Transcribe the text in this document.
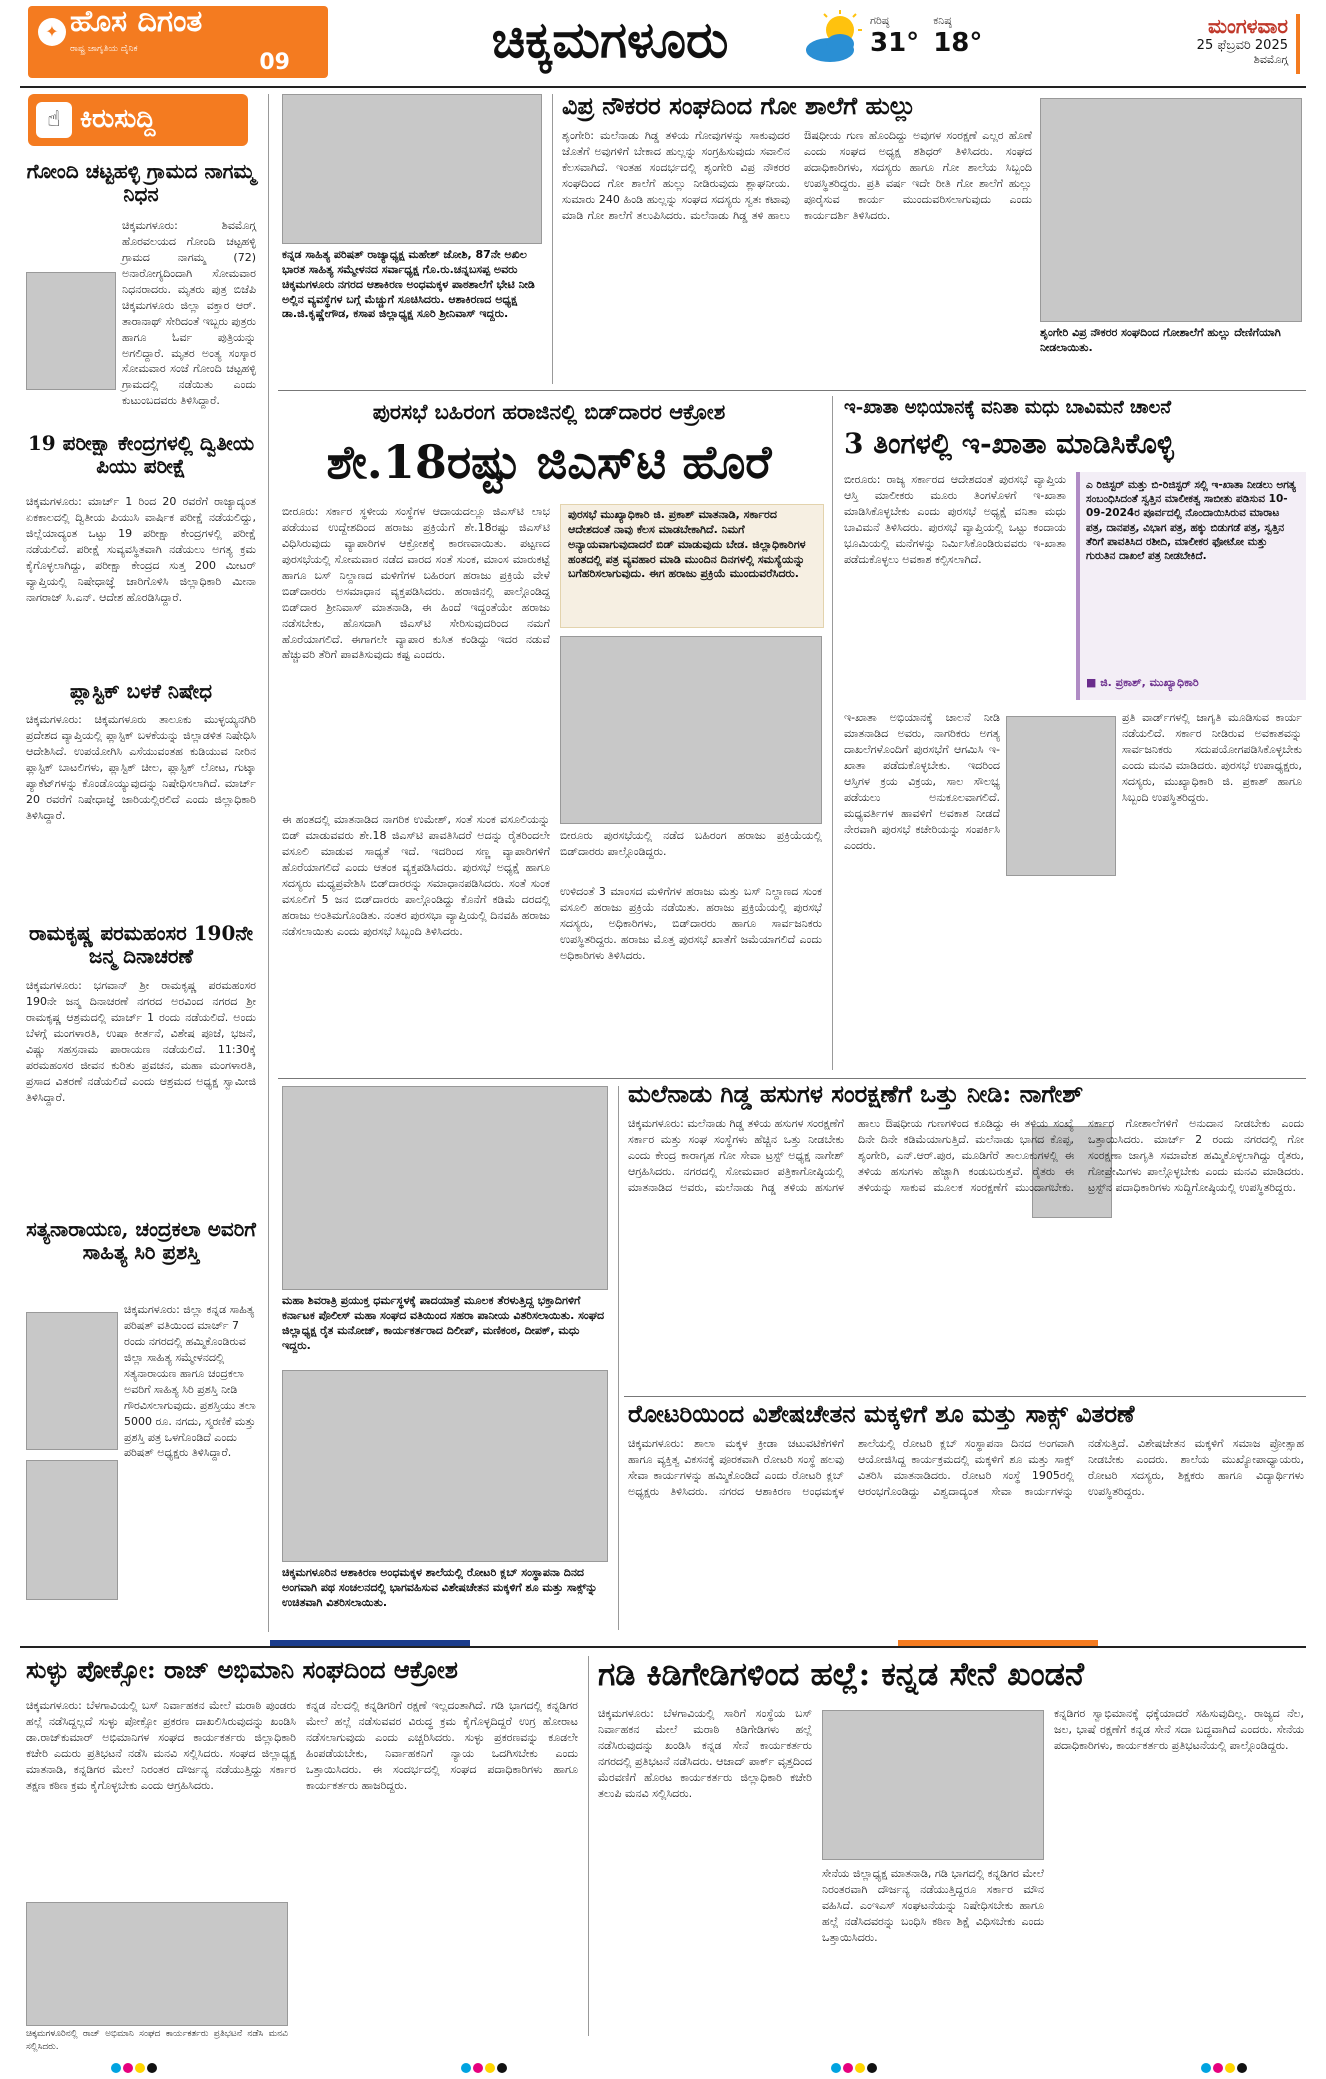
✦ ಹೊಸ ದಿಗಂತ
ರಾಷ್ಟ್ರ ಜಾಗೃತಿಯ ದೈನಿಕ
09	ಚಿಕ್ಕಮಗಳೂರು	ಗರಿಷ್ಠ
31°
ಕನಿಷ್ಠ
18°
ಮಂಗಳವಾರ
25 ಫೆಬ್ರವರಿ 2025
ಶಿವಮೊಗ್ಗ
☝ ಕಿರುಸುದ್ದಿ
ಗೋಂದಿ ಚಟ್ಟಹಳ್ಳಿ ಗ್ರಾಮದ ನಾಗಮ್ಮ ನಿಧನ
ಚಿಕ್ಕಮಗಳೂರು: ಶಿವಮೊಗ್ಗ ಹೊರವಲಯದ ಗೋಂದಿ ಚಟ್ಟಹಳ್ಳಿ ಗ್ರಾಮದ ನಾಗಮ್ಮ (72) ಅನಾರೋಗ್ಯದಿಂದಾಗಿ ಸೋಮವಾರ ನಿಧನರಾದರು. ಮೃತರು ಪುತ್ರ ಬಿಜೆಪಿ ಚಿಕ್ಕಮಗಳೂರು ಜಿಲ್ಲಾ ವಕ್ತಾರ ಆರ್. ತಾರಾನಾಥ್ ಸೇರಿದಂತೆ ಇಬ್ಬರು ಪುತ್ರರು ಹಾಗೂ ಓರ್ವ ಪುತ್ರಿಯನ್ನು ಅಗಲಿದ್ದಾರೆ. ಮೃತರ ಅಂತ್ಯ ಸಂಸ್ಕಾರ ಸೋಮವಾರ ಸಂಜೆ ಗೋಂದಿ ಚಟ್ಟಹಳ್ಳಿ ಗ್ರಾಮದಲ್ಲಿ ನಡೆಯಿತು ಎಂದು ಕುಟುಂಬದವರು ತಿಳಿಸಿದ್ದಾರೆ.
19 ಪರೀಕ್ಷಾ ಕೇಂದ್ರಗಳಲ್ಲಿ ದ್ವಿತೀಯ ಪಿಯು ಪರೀಕ್ಷೆ
ಚಿಕ್ಕಮಗಳೂರು: ಮಾರ್ಚ್ 1 ರಿಂದ 20 ರವರೆಗೆ ರಾಜ್ಯಾದ್ಯಂತ ಏಕಕಾಲದಲ್ಲಿ ದ್ವಿತೀಯ ಪಿಯುಸಿ ವಾರ್ಷಿಕ ಪರೀಕ್ಷೆ ನಡೆಯಲಿದ್ದು, ಜಿಲ್ಲೆಯಾದ್ಯಂತ ಒಟ್ಟು 19 ಪರೀಕ್ಷಾ ಕೇಂದ್ರಗಳಲ್ಲಿ ಪರೀಕ್ಷೆ ನಡೆಯಲಿದೆ. ಪರೀಕ್ಷೆ ಸುವ್ಯವಸ್ಥಿತವಾಗಿ ನಡೆಯಲು ಅಗತ್ಯ ಕ್ರಮ ಕೈಗೊಳ್ಳಲಾಗಿದ್ದು, ಪರೀಕ್ಷಾ ಕೇಂದ್ರದ ಸುತ್ತ 200 ಮೀಟರ್ ವ್ಯಾಪ್ತಿಯಲ್ಲಿ ನಿಷೇಧಾಜ್ಞೆ ಜಾರಿಗೊಳಿಸಿ ಜಿಲ್ಲಾಧಿಕಾರಿ ಮೀನಾ ನಾಗರಾಜ್ ಸಿ.ಎನ್. ಆದೇಶ ಹೊರಡಿಸಿದ್ದಾರೆ.
ಪ್ಲಾಸ್ಟಿಕ್ ಬಳಕೆ ನಿಷೇಧ
ಚಿಕ್ಕಮಗಳೂರು: ಚಿಕ್ಕಮಗಳೂರು ತಾಲೂಕು ಮುಳ್ಳಯ್ಯನಗಿರಿ ಪ್ರದೇಶದ ವ್ಯಾಪ್ತಿಯಲ್ಲಿ ಪ್ಲಾಸ್ಟಿಕ್ ಬಳಕೆಯನ್ನು ಜಿಲ್ಲಾಡಳಿತ ನಿಷೇಧಿಸಿ ಆದೇಶಿಸಿದೆ. ಉಪಯೋಗಿಸಿ ಎಸೆಯುವಂತಹ ಕುಡಿಯುವ ನೀರಿನ ಪ್ಲಾಸ್ಟಿಕ್ ಬಾಟಲಿಗಳು, ಪ್ಲಾಸ್ಟಿಕ್ ಚೀಲ, ಪ್ಲಾಸ್ಟಿಕ್ ಲೋಟ, ಗುಟ್ಕಾ ಪ್ಯಾಕೆಟ್‌ಗಳನ್ನು ಕೊಂಡೊಯ್ಯುವುದನ್ನು ನಿಷೇಧಿಸಲಾಗಿದೆ. ಮಾರ್ಚ್ 20 ರವರೆಗೆ ನಿಷೇಧಾಜ್ಞೆ ಜಾರಿಯಲ್ಲಿರಲಿದೆ ಎಂದು ಜಿಲ್ಲಾಧಿಕಾರಿ ತಿಳಿಸಿದ್ದಾರೆ.
ರಾಮಕೃಷ್ಣ ಪರಮಹಂಸರ 190ನೇ ಜನ್ಮ ದಿನಾಚರಣೆ
ಚಿಕ್ಕಮಗಳೂರು: ಭಗವಾನ್ ಶ್ರೀ ರಾಮಕೃಷ್ಣ ಪರಮಹಂಸರ 190ನೇ ಜನ್ಮ ದಿನಾಚರಣೆ ನಗರದ ಅರವಿಂದ ನಗರದ ಶ್ರೀ ರಾಮಕೃಷ್ಣ ಆಶ್ರಮದಲ್ಲಿ ಮಾರ್ಚ್ 1 ರಂದು ನಡೆಯಲಿದೆ. ಅಂದು ಬೆಳಗ್ಗೆ ಮಂಗಳಾರತಿ, ಉಷಾ ಕೀರ್ತನೆ, ವಿಶೇಷ ಪೂಜೆ, ಭಜನೆ, ವಿಷ್ಣು ಸಹಸ್ರನಾಮ ಪಾರಾಯಣ ನಡೆಯಲಿದೆ. 11:30ಕ್ಕೆ ಪರಮಹಂಸರ ಜೀವನ ಕುರಿತು ಪ್ರವಚನ, ಮಹಾ ಮಂಗಳಾರತಿ, ಪ್ರಸಾದ ವಿತರಣೆ ನಡೆಯಲಿದೆ ಎಂದು ಆಶ್ರಮದ ಅಧ್ಯಕ್ಷ ಸ್ವಾಮೀಜಿ ತಿಳಿಸಿದ್ದಾರೆ.
ಸತ್ಯನಾರಾಯಣ, ಚಂದ್ರಕಲಾ ಅವರಿಗೆ ಸಾಹಿತ್ಯ ಸಿರಿ ಪ್ರಶಸ್ತಿ
ಚಿಕ್ಕಮಗಳೂರು: ಜಿಲ್ಲಾ ಕನ್ನಡ ಸಾಹಿತ್ಯ ಪರಿಷತ್ ವತಿಯಿಂದ ಮಾರ್ಚ್ 7 ರಂದು ನಗರದಲ್ಲಿ ಹಮ್ಮಿಕೊಂಡಿರುವ ಜಿಲ್ಲಾ ಸಾಹಿತ್ಯ ಸಮ್ಮೇಳನದಲ್ಲಿ ಸತ್ಯನಾರಾಯಣ ಹಾಗೂ ಚಂದ್ರಕಲಾ ಅವರಿಗೆ ಸಾಹಿತ್ಯ ಸಿರಿ ಪ್ರಶಸ್ತಿ ನೀಡಿ ಗೌರವಿಸಲಾಗುವುದು. ಪ್ರಶಸ್ತಿಯು ತಲಾ 5000 ರೂ. ನಗದು, ಸ್ಮರಣಿಕೆ ಮತ್ತು ಪ್ರಶಸ್ತಿ ಪತ್ರ ಒಳಗೊಂಡಿದೆ ಎಂದು ಪರಿಷತ್ ಅಧ್ಯಕ್ಷರು ತಿಳಿಸಿದ್ದಾರೆ.
ಕನ್ನಡ ಸಾಹಿತ್ಯ ಪರಿಷತ್ ರಾಜ್ಯಾಧ್ಯಕ್ಷ ಮಹೇಶ್ ಜೋಶಿ, 87ನೇ ಅಖಿಲ ಭಾರತ ಸಾಹಿತ್ಯ ಸಮ್ಮೇಳನದ ಸರ್ವಾಧ್ಯಕ್ಷ ಗೊ.ರು.ಚನ್ನಬಸಪ್ಪ ಅವರು ಚಿಕ್ಕಮಗಳೂರು ನಗರದ ಆಶಾಕಿರಣ ಅಂಧಮಕ್ಕಳ ಪಾಠಶಾಲೆಗೆ ಭೇಟಿ ನೀಡಿ ಅಲ್ಲಿನ ವ್ಯವಸ್ಥೆಗಳ ಬಗ್ಗೆ ಮೆಚ್ಚುಗೆ ಸೂಚಿಸಿದರು. ಆಶಾಕಿರಣದ ಅಧ್ಯಕ್ಷ ಡಾ.ಜಿ.ಕೃಷ್ಣೇಗೌಡ, ಕಸಾಪ ಜಿಲ್ಲಾಧ್ಯಕ್ಷ ಸೂರಿ ಶ್ರೀನಿವಾಸ್ ಇದ್ದರು.
ವಿಪ್ರ ನೌಕರರ ಸಂಘದಿಂದ ಗೋ ಶಾಲೆಗೆ ಹುಲ್ಲು
ಶೃಂಗೇರಿ: ಮಲೆನಾಡು ಗಿಡ್ಡ ತಳಿಯ ಗೋವುಗಳನ್ನು ಸಾಕುವುದರ ಜೊತೆಗೆ ಅವುಗಳಿಗೆ ಬೇಕಾದ ಹುಲ್ಲನ್ನು ಸಂಗ್ರಹಿಸುವುದು ಸವಾಲಿನ ಕೆಲಸವಾಗಿದೆ. ಇಂತಹ ಸಂದರ್ಭದಲ್ಲಿ ಶೃಂಗೇರಿ ವಿಪ್ರ ನೌಕರರ ಸಂಘದಿಂದ ಗೋ ಶಾಲೆಗೆ ಹುಲ್ಲು ನೀಡಿರುವುದು ಶ್ಲಾಘನೀಯ. ಸುಮಾರು 240 ಹಿಂಡಿ ಹುಲ್ಲನ್ನು ಸಂಘದ ಸದಸ್ಯರು ಸ್ವತಃ ಕಟಾವು ಮಾಡಿ ಗೋ ಶಾಲೆಗೆ ತಲುಪಿಸಿದರು. ಮಲೆನಾಡು ಗಿಡ್ಡ ತಳಿ ಹಾಲು ಔಷಧೀಯ ಗುಣ ಹೊಂದಿದ್ದು ಅವುಗಳ ಸಂರಕ್ಷಣೆ ಎಲ್ಲರ ಹೊಣೆ ಎಂದು ಸಂಘದ ಅಧ್ಯಕ್ಷ ಶಶಿಧರ್ ತಿಳಿಸಿದರು. ಸಂಘದ ಪದಾಧಿಕಾರಿಗಳು, ಸದಸ್ಯರು ಹಾಗೂ ಗೋ ಶಾಲೆಯ ಸಿಬ್ಬಂದಿ ಉಪಸ್ಥಿತರಿದ್ದರು. ಪ್ರತಿ ವರ್ಷ ಇದೇ ರೀತಿ ಗೋ ಶಾಲೆಗೆ ಹುಲ್ಲು ಪೂರೈಸುವ ಕಾರ್ಯ ಮುಂದುವರಿಸಲಾಗುವುದು ಎಂದು ಕಾರ್ಯದರ್ಶಿ ತಿಳಿಸಿದರು.
ಶೃಂಗೇರಿ ವಿಪ್ರ ನೌಕರರ ಸಂಘದಿಂದ ಗೋಶಾಲೆಗೆ ಹುಲ್ಲು ದೇಣಿಗೆಯಾಗಿ ನೀಡಲಾಯಿತು.
ಪುರಸಭೆ ಬಹಿರಂಗ ಹರಾಜಿನಲ್ಲಿ ಬಿಡ್‌ದಾರರ ಆಕ್ರೋಶ
ಶೇ.18ರಷ್ಟು ಜಿಎಸ್‌ಟಿ ಹೊರೆ
ಬೀರೂರು: ಸರ್ಕಾರ ಸ್ಥಳೀಯ ಸಂಸ್ಥೆಗಳ ಆದಾಯದಲ್ಲೂ ಜಿಎಸ್‌ಟಿ ಲಾಭ ಪಡೆಯುವ ಉದ್ದೇಶದಿಂದ ಹರಾಜು ಪ್ರಕ್ರಿಯೆಗೆ ಶೇ.18ರಷ್ಟು ಜಿಎಸ್‌ಟಿ ವಿಧಿಸಿರುವುದು ವ್ಯಾಪಾರಿಗಳ ಆಕ್ರೋಶಕ್ಕೆ ಕಾರಣವಾಯಿತು. ಪಟ್ಟಣದ ಪುರಸಭೆಯಲ್ಲಿ ಸೋಮವಾರ ನಡೆದ ವಾರದ ಸಂತೆ ಸುಂಕ, ಮಾಂಸ ಮಾರುಕಟ್ಟೆ ಹಾಗೂ ಬಸ್ ನಿಲ್ದಾಣದ ಮಳಿಗೆಗಳ ಬಹಿರಂಗ ಹರಾಜು ಪ್ರಕ್ರಿಯೆ ವೇಳೆ ಬಿಡ್‌ದಾರರು ಅಸಮಾಧಾನ ವ್ಯಕ್ತಪಡಿಸಿದರು. ಹರಾಜಿನಲ್ಲಿ ಪಾಲ್ಗೊಂಡಿದ್ದ ಬಿಡ್‌ದಾರ ಶ್ರೀನಿವಾಸ್ ಮಾತನಾಡಿ, ಈ ಹಿಂದೆ ಇದ್ದಂತೆಯೇ ಹರಾಜು ನಡೆಸಬೇಕು, ಹೊಸದಾಗಿ ಜಿಎಸ್‌ಟಿ ಸೇರಿಸುವುದರಿಂದ ನಮಗೆ ಹೊರೆಯಾಗಲಿದೆ. ಈಗಾಗಲೇ ವ್ಯಾಪಾರ ಕುಸಿತ ಕಂಡಿದ್ದು ಇದರ ನಡುವೆ ಹೆಚ್ಚುವರಿ ತೆರಿಗೆ ಪಾವತಿಸುವುದು ಕಷ್ಟ ಎಂದರು.
ಪುರಸಭೆ ಮುಖ್ಯಾಧಿಕಾರಿ ಜಿ. ಪ್ರಕಾಶ್ ಮಾತನಾಡಿ, ಸರ್ಕಾರದ ಆದೇಶದಂತೆ ನಾವು ಕೆಲಸ ಮಾಡಬೇಕಾಗಿದೆ. ನಿಮಗೆ ಅನ್ಯಾಯವಾಗುವುದಾದರೆ ಬಿಡ್ ಮಾಡುವುದು ಬೇಡ. ಜಿಲ್ಲಾಧಿಕಾರಿಗಳ ಹಂತದಲ್ಲಿ ಪತ್ರ ವ್ಯವಹಾರ ಮಾಡಿ ಮುಂದಿನ ದಿನಗಳಲ್ಲಿ ಸಮಸ್ಯೆಯನ್ನು ಬಗೆಹರಿಸಲಾಗುವುದು. ಈಗ ಹರಾಜು ಪ್ರಕ್ರಿಯೆ ಮುಂದುವರೆಸಿದರು.
ಬೀರೂರು ಪುರಸಭೆಯಲ್ಲಿ ನಡೆದ ಬಹಿರಂಗ ಹರಾಜು ಪ್ರಕ್ರಿಯೆಯಲ್ಲಿ ಬಿಡ್‌ದಾರರು ಪಾಲ್ಗೊಂಡಿದ್ದರು.
ಈ ಹಂತದಲ್ಲಿ ಮಾತನಾಡಿದ ನಾಗರಿಕ ಉಮೇಶ್, ಸಂತೆ ಸುಂಕ ವಸೂಲಿಯನ್ನು ಬಿಡ್ ಮಾಡುವವರು ಶೇ.18 ಜಿಎಸ್‌ಟಿ ಪಾವತಿಸಿದರೆ ಅದನ್ನು ರೈತರಿಂದಲೇ ವಸೂಲಿ ಮಾಡುವ ಸಾಧ್ಯತೆ ಇದೆ. ಇದರಿಂದ ಸಣ್ಣ ವ್ಯಾಪಾರಿಗಳಿಗೆ ಹೊರೆಯಾಗಲಿದೆ ಎಂದು ಆತಂಕ ವ್ಯಕ್ತಪಡಿಸಿದರು. ಪುರಸಭೆ ಅಧ್ಯಕ್ಷೆ ಹಾಗೂ ಸದಸ್ಯರು ಮಧ್ಯಪ್ರವೇಶಿಸಿ ಬಿಡ್‌ದಾರರನ್ನು ಸಮಾಧಾನಪಡಿಸಿದರು. ಸಂತೆ ಸುಂಕ ವಸೂಲಿಗೆ 5 ಜನ ಬಿಡ್‌ದಾರರು ಪಾಲ್ಗೊಂಡಿದ್ದು ಕೊನೆಗೆ ಕಡಿಮೆ ದರದಲ್ಲಿ ಹರಾಜು ಅಂತಿಮಗೊಂಡಿತು. ನಂತರ ಪುರಸಭಾ ವ್ಯಾಪ್ತಿಯಲ್ಲಿ ದಿನವಹಿ ಹರಾಜು ನಡೆಸಲಾಯಿತು ಎಂದು ಪುರಸಭೆ ಸಿಬ್ಬಂದಿ ತಿಳಿಸಿದರು.
ಉಳಿದಂತೆ 3 ಮಾಂಸದ ಮಳಿಗೆಗಳ ಹರಾಜು ಮತ್ತು ಬಸ್ ನಿಲ್ದಾಣದ ಸುಂಕ ವಸೂಲಿ ಹರಾಜು ಪ್ರಕ್ರಿಯೆ ನಡೆಯಿತು. ಹರಾಜು ಪ್ರಕ್ರಿಯೆಯಲ್ಲಿ ಪುರಸಭೆ ಸದಸ್ಯರು, ಅಧಿಕಾರಿಗಳು, ಬಿಡ್‌ದಾರರು ಹಾಗೂ ಸಾರ್ವಜನಿಕರು ಉಪಸ್ಥಿತರಿದ್ದರು. ಹರಾಜು ಮೊತ್ತ ಪುರಸಭೆ ಖಾತೆಗೆ ಜಮೆಯಾಗಲಿದೆ ಎಂದು ಅಧಿಕಾರಿಗಳು ತಿಳಿಸಿದರು.
ಇ-ಖಾತಾ ಅಭಿಯಾನಕ್ಕೆ ವನಿತಾ ಮಧು ಬಾವಿಮನೆ ಚಾಲನೆ
3 ತಿಂಗಳಲ್ಲಿ ಇ-ಖಾತಾ ಮಾಡಿಸಿಕೊಳ್ಳಿ
ಬೀರೂರು: ರಾಜ್ಯ ಸರ್ಕಾರದ ಆದೇಶದಂತೆ ಪುರಸಭೆ ವ್ಯಾಪ್ತಿಯ ಆಸ್ತಿ ಮಾಲೀಕರು ಮೂರು ತಿಂಗಳೊಳಗೆ ಇ-ಖಾತಾ ಮಾಡಿಸಿಕೊಳ್ಳಬೇಕು ಎಂದು ಪುರಸಭೆ ಅಧ್ಯಕ್ಷೆ ವನಿತಾ ಮಧು ಬಾವಿಮನೆ ತಿಳಿಸಿದರು. ಪುರಸಭೆ ವ್ಯಾಪ್ತಿಯಲ್ಲಿ ಒಟ್ಟು ಕಂದಾಯ ಭೂಮಿಯಲ್ಲಿ ಮನೆಗಳನ್ನು ನಿರ್ಮಿಸಿಕೊಂಡಿರುವವರು ಇ-ಖಾತಾ ಪಡೆದುಕೊಳ್ಳಲು ಅವಕಾಶ ಕಲ್ಪಿಸಲಾಗಿದೆ.
ಎ ರಿಜಿಸ್ಟರ್ ಮತ್ತು ಬಿ-ರಿಜಿಸ್ಟರ್ ಸಲ್ಲಿ ಇ-ಖಾತಾ ನೀಡಲು ಅಗತ್ಯ ಸಂಬಂಧಿಸಿದಂತೆ ಸ್ವತ್ತಿನ ಮಾಲೀಕತ್ವ ಸಾಬೀತು ಪಡಿಸುವ 10-09-2024ರ ಪೂರ್ವದಲ್ಲಿ ನೊಂದಾಯಿಸಿರುವ ಮಾರಾಟ ಪತ್ರ, ದಾನಪತ್ರ, ವಿಭಾಗ ಪತ್ರ, ಹಕ್ಕು ಬಿಡುಗಡೆ ಪತ್ರ, ಸ್ವತ್ತಿನ ತೆರಿಗೆ ಪಾವತಿಸಿದ ರಶೀದಿ, ಮಾಲೀಕರ ಫೋಟೋ ಮತ್ತು ಗುರುತಿನ ದಾಖಲೆ ಪತ್ರ ನೀಡಬೇಕಿದೆ.
■ ಜಿ. ಪ್ರಕಾಶ್, ಮುಖ್ಯಾಧಿಕಾರಿ
ಇ-ಖಾತಾ ಅಭಿಯಾನಕ್ಕೆ ಚಾಲನೆ ನೀಡಿ ಮಾತನಾಡಿದ ಅವರು, ನಾಗರಿಕರು ಅಗತ್ಯ ದಾಖಲೆಗಳೊಂದಿಗೆ ಪುರಸಭೆಗೆ ಆಗಮಿಸಿ ಇ-ಖಾತಾ ಪಡೆದುಕೊಳ್ಳಬೇಕು. ಇದರಿಂದ ಆಸ್ತಿಗಳ ಕ್ರಯ ವಿಕ್ರಯ, ಸಾಲ ಸೌಲಭ್ಯ ಪಡೆಯಲು ಅನುಕೂಲವಾಗಲಿದೆ. ಮಧ್ಯವರ್ತಿಗಳ ಹಾವಳಿಗೆ ಅವಕಾಶ ನೀಡದೆ ನೇರವಾಗಿ ಪುರಸಭೆ ಕಚೇರಿಯನ್ನು ಸಂಪರ್ಕಿಸಿ ಎಂದರು.
ಪ್ರತಿ ವಾರ್ಡ್‌ಗಳಲ್ಲಿ ಜಾಗೃತಿ ಮೂಡಿಸುವ ಕಾರ್ಯ ನಡೆಯಲಿದೆ. ಸರ್ಕಾರ ನೀಡಿರುವ ಅವಕಾಶವನ್ನು ಸಾರ್ವಜನಿಕರು ಸದುಪಯೋಗಪಡಿಸಿಕೊಳ್ಳಬೇಕು ಎಂದು ಮನವಿ ಮಾಡಿದರು. ಪುರಸಭೆ ಉಪಾಧ್ಯಕ್ಷರು, ಸದಸ್ಯರು, ಮುಖ್ಯಾಧಿಕಾರಿ ಜಿ. ಪ್ರಕಾಶ್ ಹಾಗೂ ಸಿಬ್ಬಂದಿ ಉಪಸ್ಥಿತರಿದ್ದರು.
ಮಹಾ ಶಿವರಾತ್ರಿ ಪ್ರಯುಕ್ತ ಧರ್ಮಸ್ಥಳಕ್ಕೆ ಪಾದಯಾತ್ರೆ ಮೂಲಕ ತೆರಳುತ್ತಿದ್ದ ಭಕ್ತಾದಿಗಳಿಗೆ ಕರ್ನಾಟಕ ಪೊಲೀಸ್ ಮಹಾ ಸಂಘದ ವತಿಯಿಂದ ಸಹರಾ ಪಾನೀಯ ವಿತರಿಸಲಾಯಿತು. ಸಂಘದ ಜಿಲ್ಲಾಧ್ಯಕ್ಷ ರೈತ ಮನೋಜ್, ಕಾರ್ಯಕರ್ತರಾದ ದಿಲೀಪ್, ಮಣಿಕಂಠ, ದೀಪಕ್, ಮಧು ಇದ್ದರು.
ಚಿಕ್ಕಮಗಳೂರಿನ ಆಶಾಕಿರಣ ಅಂಧಮಕ್ಕಳ ಶಾಲೆಯಲ್ಲಿ ರೋಟರಿ ಕ್ಲಬ್ ಸಂಸ್ಥಾಪನಾ ದಿನದ ಅಂಗವಾಗಿ ಪಥ ಸಂಚಲನದಲ್ಲಿ ಭಾಗವಹಿಸುವ ವಿಶೇಷಚೇತನ ಮಕ್ಕಳಿಗೆ ಶೂ ಮತ್ತು ಸಾಕ್ಸ್‌ನ್ನು ಉಚಿತವಾಗಿ ವಿತರಿಸಲಾಯಿತು.
ಮಲೆನಾಡು ಗಿಡ್ಡ ಹಸುಗಳ ಸಂರಕ್ಷಣೆಗೆ ಒತ್ತು ನೀಡಿ: ನಾಗೇಶ್
ಚಿಕ್ಕಮಗಳೂರು: ಮಲೆನಾಡು ಗಿಡ್ಡ ತಳಿಯ ಹಸುಗಳ ಸಂರಕ್ಷಣೆಗೆ ಸರ್ಕಾರ ಮತ್ತು ಸಂಘ ಸಂಸ್ಥೆಗಳು ಹೆಚ್ಚಿನ ಒತ್ತು ನೀಡಬೇಕು ಎಂದು ಕೇಂದ್ರ ಕಾರಾಗೃಹ ಗೋ ಸೇವಾ ಟ್ರಸ್ಟ್ ಅಧ್ಯಕ್ಷ ನಾಗೇಶ್ ಆಗ್ರಹಿಸಿದರು. ನಗರದಲ್ಲಿ ಸೋಮವಾರ ಪತ್ರಿಕಾಗೋಷ್ಠಿಯಲ್ಲಿ ಮಾತನಾಡಿದ ಅವರು, ಮಲೆನಾಡು ಗಿಡ್ಡ ತಳಿಯ ಹಸುಗಳ ಹಾಲು ಔಷಧೀಯ ಗುಣಗಳಿಂದ ಕೂಡಿದ್ದು ಈ ತಳಿಯ ಸಂಖ್ಯೆ ದಿನೇ ದಿನೇ ಕಡಿಮೆಯಾಗುತ್ತಿದೆ. ಮಲೆನಾಡು ಭಾಗದ ಕೊಪ್ಪ, ಶೃಂಗೇರಿ, ಎನ್.ಆರ್.ಪುರ, ಮೂಡಿಗೆರೆ ತಾಲೂಕುಗಳಲ್ಲಿ ಈ ತಳಿಯ ಹಸುಗಳು ಹೆಚ್ಚಾಗಿ ಕಂಡುಬರುತ್ತವೆ. ರೈತರು ಈ ತಳಿಯನ್ನು ಸಾಕುವ ಮೂಲಕ ಸಂರಕ್ಷಣೆಗೆ ಮುಂದಾಗಬೇಕು. ಸರ್ಕಾರ ಗೋಶಾಲೆಗಳಿಗೆ ಅನುದಾನ ನೀಡಬೇಕು ಎಂದು ಒತ್ತಾಯಿಸಿದರು. ಮಾರ್ಚ್ 2 ರಂದು ನಗರದಲ್ಲಿ ಗೋ ಸಂರಕ್ಷಣಾ ಜಾಗೃತಿ ಸಮಾವೇಶ ಹಮ್ಮಿಕೊಳ್ಳಲಾಗಿದ್ದು ರೈತರು, ಗೋಪ್ರೇಮಿಗಳು ಪಾಲ್ಗೊಳ್ಳಬೇಕು ಎಂದು ಮನವಿ ಮಾಡಿದರು. ಟ್ರಸ್ಟ್‌ನ ಪದಾಧಿಕಾರಿಗಳು ಸುದ್ದಿಗೋಷ್ಠಿಯಲ್ಲಿ ಉಪಸ್ಥಿತರಿದ್ದರು.
ರೋಟರಿಯಿಂದ ವಿಶೇಷಚೇತನ ಮಕ್ಕಳಿಗೆ ಶೂ ಮತ್ತು ಸಾಕ್ಸ್ ವಿತರಣೆ
ಚಿಕ್ಕಮಗಳೂರು: ಶಾಲಾ ಮಕ್ಕಳ ಕ್ರೀಡಾ ಚಟುವಟಿಕೆಗಳಿಗೆ ಹಾಗೂ ವ್ಯಕ್ತಿತ್ವ ವಿಕಸನಕ್ಕೆ ಪೂರಕವಾಗಿ ರೋಟರಿ ಸಂಸ್ಥೆ ಹಲವು ಸೇವಾ ಕಾರ್ಯಗಳನ್ನು ಹಮ್ಮಿಕೊಂಡಿದೆ ಎಂದು ರೋಟರಿ ಕ್ಲಬ್ ಅಧ್ಯಕ್ಷರು ತಿಳಿಸಿದರು. ನಗರದ ಆಶಾಕಿರಣ ಅಂಧಮಕ್ಕಳ ಶಾಲೆಯಲ್ಲಿ ರೋಟರಿ ಕ್ಲಬ್ ಸಂಸ್ಥಾಪನಾ ದಿನದ ಅಂಗವಾಗಿ ಆಯೋಜಿಸಿದ್ದ ಕಾರ್ಯಕ್ರಮದಲ್ಲಿ ಮಕ್ಕಳಿಗೆ ಶೂ ಮತ್ತು ಸಾಕ್ಸ್ ವಿತರಿಸಿ ಮಾತನಾಡಿದರು. ರೋಟರಿ ಸಂಸ್ಥೆ 1905ರಲ್ಲಿ ಆರಂಭಗೊಂಡಿದ್ದು ವಿಶ್ವದಾದ್ಯಂತ ಸೇವಾ ಕಾರ್ಯಗಳನ್ನು ನಡೆಸುತ್ತಿದೆ. ವಿಶೇಷಚೇತನ ಮಕ್ಕಳಿಗೆ ಸಮಾಜ ಪ್ರೋತ್ಸಾಹ ನೀಡಬೇಕು ಎಂದರು. ಶಾಲೆಯ ಮುಖ್ಯೋಪಾಧ್ಯಾಯರು, ರೋಟರಿ ಸದಸ್ಯರು, ಶಿಕ್ಷಕರು ಹಾಗೂ ವಿದ್ಯಾರ್ಥಿಗಳು ಉಪಸ್ಥಿತರಿದ್ದರು.
ಸುಳ್ಳು ಪೋಕ್ಸೋ: ರಾಜ್ ಅಭಿಮಾನಿ ಸಂಘದಿಂದ ಆಕ್ರೋಶ
ಚಿಕ್ಕಮಗಳೂರು: ಬೆಳಗಾವಿಯಲ್ಲಿ ಬಸ್ ನಿರ್ವಾಹಕನ ಮೇಲೆ ಮರಾಠಿ ಪುಂಡರು ಹಲ್ಲೆ ನಡೆಸಿದ್ದಲ್ಲದೆ ಸುಳ್ಳು ಪೋಕ್ಸೋ ಪ್ರಕರಣ ದಾಖಲಿಸಿರುವುದನ್ನು ಖಂಡಿಸಿ ಡಾ.ರಾಜ್‌ಕುಮಾರ್ ಅಭಿಮಾನಿಗಳ ಸಂಘದ ಕಾರ್ಯಕರ್ತರು ಜಿಲ್ಲಾಧಿಕಾರಿ ಕಚೇರಿ ಎದುರು ಪ್ರತಿಭಟನೆ ನಡೆಸಿ ಮನವಿ ಸಲ್ಲಿಸಿದರು. ಸಂಘದ ಜಿಲ್ಲಾಧ್ಯಕ್ಷ ಮಾತನಾಡಿ, ಕನ್ನಡಿಗರ ಮೇಲೆ ನಿರಂತರ ದೌರ್ಜನ್ಯ ನಡೆಯುತ್ತಿದ್ದು ಸರ್ಕಾರ ತಕ್ಷಣ ಕಠಿಣ ಕ್ರಮ ಕೈಗೊಳ್ಳಬೇಕು ಎಂದು ಆಗ್ರಹಿಸಿದರು.
ಕನ್ನಡ ನೆಲದಲ್ಲಿ ಕನ್ನಡಿಗರಿಗೆ ರಕ್ಷಣೆ ಇಲ್ಲದಂತಾಗಿದೆ. ಗಡಿ ಭಾಗದಲ್ಲಿ ಕನ್ನಡಿಗರ ಮೇಲೆ ಹಲ್ಲೆ ನಡೆಸುವವರ ವಿರುದ್ಧ ಕ್ರಮ ಕೈಗೊಳ್ಳದಿದ್ದರೆ ಉಗ್ರ ಹೋರಾಟ ನಡೆಸಲಾಗುವುದು ಎಂದು ಎಚ್ಚರಿಸಿದರು. ಸುಳ್ಳು ಪ್ರಕರಣವನ್ನು ಕೂಡಲೇ ಹಿಂಪಡೆಯಬೇಕು, ನಿರ್ವಾಹಕನಿಗೆ ನ್ಯಾಯ ಒದಗಿಸಬೇಕು ಎಂದು ಒತ್ತಾಯಿಸಿದರು. ಈ ಸಂದರ್ಭದಲ್ಲಿ ಸಂಘದ ಪದಾಧಿಕಾರಿಗಳು ಹಾಗೂ ಕಾರ್ಯಕರ್ತರು ಹಾಜರಿದ್ದರು.
ಚಿಕ್ಕಮಗಳೂರಿನಲ್ಲಿ ರಾಜ್ ಅಭಿಮಾನಿ ಸಂಘದ ಕಾರ್ಯಕರ್ತರು ಪ್ರತಿಭಟನೆ ನಡೆಸಿ ಮನವಿ ಸಲ್ಲಿಸಿದರು.
ಗಡಿ ಕಿಡಿಗೇಡಿಗಳಿಂದ ಹಲ್ಲೆ: ಕನ್ನಡ ಸೇನೆ ಖಂಡನೆ
ಚಿಕ್ಕಮಗಳೂರು: ಬೆಳಗಾವಿಯಲ್ಲಿ ಸಾರಿಗೆ ಸಂಸ್ಥೆಯ ಬಸ್ ನಿರ್ವಾಹಕನ ಮೇಲೆ ಮರಾಠಿ ಕಿಡಿಗೇಡಿಗಳು ಹಲ್ಲೆ ನಡೆಸಿರುವುದನ್ನು ಖಂಡಿಸಿ ಕನ್ನಡ ಸೇನೆ ಕಾರ್ಯಕರ್ತರು ನಗರದಲ್ಲಿ ಪ್ರತಿಭಟನೆ ನಡೆಸಿದರು. ಆಜಾದ್ ಪಾರ್ಕ್ ವೃತ್ತದಿಂದ ಮೆರವಣಿಗೆ ಹೊರಟ ಕಾರ್ಯಕರ್ತರು ಜಿಲ್ಲಾಧಿಕಾರಿ ಕಚೇರಿ ತಲುಪಿ ಮನವಿ ಸಲ್ಲಿಸಿದರು.
ಸೇನೆಯ ಜಿಲ್ಲಾಧ್ಯಕ್ಷ ಮಾತನಾಡಿ, ಗಡಿ ಭಾಗದಲ್ಲಿ ಕನ್ನಡಿಗರ ಮೇಲೆ ನಿರಂತರವಾಗಿ ದೌರ್ಜನ್ಯ ನಡೆಯುತ್ತಿದ್ದರೂ ಸರ್ಕಾರ ಮೌನ ವಹಿಸಿದೆ. ಎಂಇಎಸ್ ಸಂಘಟನೆಯನ್ನು ನಿಷೇಧಿಸಬೇಕು ಹಾಗೂ ಹಲ್ಲೆ ನಡೆಸಿದವರನ್ನು ಬಂಧಿಸಿ ಕಠಿಣ ಶಿಕ್ಷೆ ವಿಧಿಸಬೇಕು ಎಂದು ಒತ್ತಾಯಿಸಿದರು.
ಕನ್ನಡಿಗರ ಸ್ವಾಭಿಮಾನಕ್ಕೆ ಧಕ್ಕೆಯಾದರೆ ಸಹಿಸುವುದಿಲ್ಲ. ರಾಜ್ಯದ ನೆಲ, ಜಲ, ಭಾಷೆ ರಕ್ಷಣೆಗೆ ಕನ್ನಡ ಸೇನೆ ಸದಾ ಬದ್ಧವಾಗಿದೆ ಎಂದರು. ಸೇನೆಯ ಪದಾಧಿಕಾರಿಗಳು, ಕಾರ್ಯಕರ್ತರು ಪ್ರತಿಭಟನೆಯಲ್ಲಿ ಪಾಲ್ಗೊಂಡಿದ್ದರು.
